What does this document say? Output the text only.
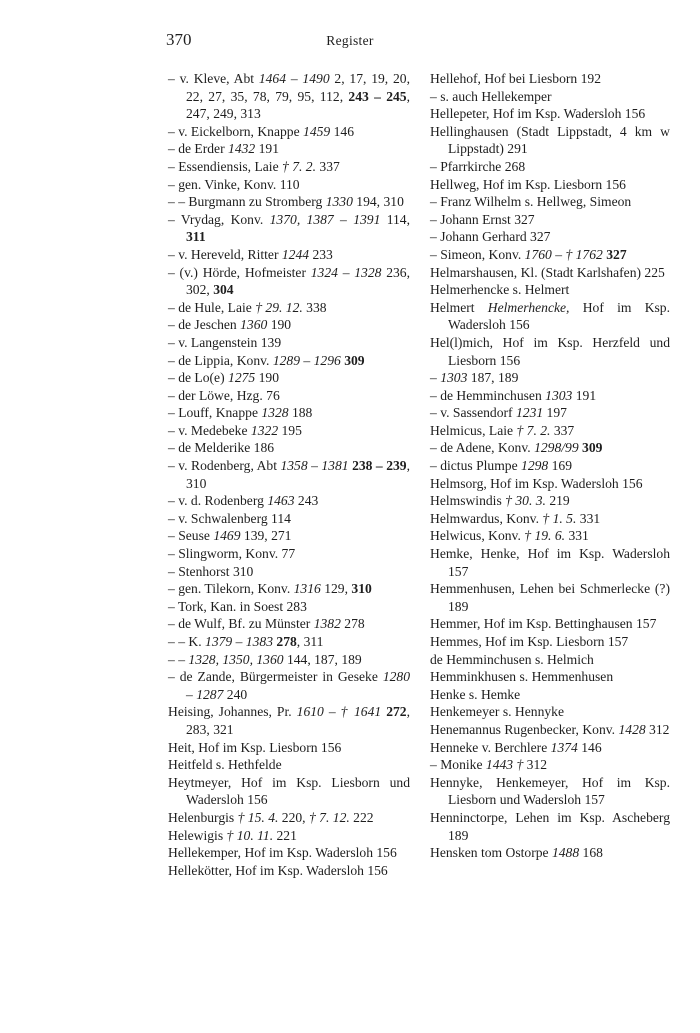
370	Register
– v. Kleve, Abt 1464 – 1490 2, 17, 19, 20, 22, 27, 35, 78, 79, 95, 112, 243 – 245, 247, 249, 313
– v. Eickelborn, Knappe 1459 146
– de Erder 1432 191
– Essendiensis, Laie † 7. 2. 337
– gen. Vinke, Konv. 110
– – Burgmann zu Stromberg 1330 194, 310
– Vrydag, Konv. 1370, 1387 – 1391 114, 311
– v. Hereveld, Ritter 1244 233
– (v.) Hörde, Hofmeister 1324 – 1328 236, 302, 304
– de Hule, Laie † 29. 12. 338
– de Jeschen 1360 190
– v. Langenstein 139
– de Lippia, Konv. 1289 – 1296 309
– de Lo(e) 1275 190
– der Löwe, Hzg. 76
– Louff, Knappe 1328 188
– v. Medebeke 1322 195
– de Melderike 186
– v. Rodenberg, Abt 1358 – 1381 238 – 239, 310
– v. d. Rodenberg 1463 243
– v. Schwalenberg 114
– Seuse 1469 139, 271
– Slingworm, Konv. 77
– Stenhorst 310
– gen. Tilekorn, Konv. 1316 129, 310
– Tork, Kan. in Soest 283
– de Wulf, Bf. zu Münster 1382 278
– – K. 1379 – 1383 278, 311
– – 1328, 1350, 1360 144, 187, 189
– de Zande, Bürgermeister in Geseke 1280 – 1287 240
Heising, Johannes, Pr. 1610 – † 1641 272, 283, 321
Heit, Hof im Ksp. Liesborn 156
Heitfeld s. Hethfelde
Heytmeyer, Hof im Ksp. Liesborn und Wadersloh 156
Helenburgis † 15. 4. 220, † 7. 12. 222
Helewigis † 10. 11. 221
Hellekemper, Hof im Ksp. Wadersloh 156
Hellekötter, Hof im Ksp. Wadersloh 156
Hellehof, Hof bei Liesborn 192
– s. auch Hellekemper
Hellepeter, Hof im Ksp. Wadersloh 156
Hellinghausen (Stadt Lippstadt, 4 km w Lippstadt) 291
– Pfarrkirche 268
Hellweg, Hof im Ksp. Liesborn 156
– Franz Wilhelm s. Hellweg, Simeon
– Johann Ernst 327
– Johann Gerhard 327
– Simeon, Konv. 1760 – † 1762 327
Helmarshausen, Kl. (Stadt Karlshafen) 225
Helmerhencke s. Helmert
Helmert Helmerhencke, Hof im Ksp. Wadersloh 156
Hel(l)mich, Hof im Ksp. Herzfeld und Liesborn 156
– 1303 187, 189
– de Hemminchusen 1303 191
– v. Sassendorf 1231 197
Helmicus, Laie † 7. 2. 337
– de Adene, Konv. 1298/99 309
– dictus Plumpe 1298 169
Helmsorg, Hof im Ksp. Wadersloh 156
Helmswindis † 30. 3. 219
Helmwardus, Konv. † 1. 5. 331
Helwicus, Konv. † 19. 6. 331
Hemke, Henke, Hof im Ksp. Wadersloh 157
Hemmenhusen, Lehen bei Schmerlecke (?) 189
Hemmer, Hof im Ksp. Bettinghausen 157
Hemmes, Hof im Ksp. Liesborn 157
de Hemminchusen s. Helmich
Hemminkhusen s. Hemmenhusen
Henke s. Hemke
Henkemeyer s. Hennyke
Henemannus Rugenbecker, Konv. 1428 312
Henneke v. Berchlere 1374 146
– Monike 1443 † 312
Hennyke, Henkemeyer, Hof im Ksp. Liesborn und Wadersloh 157
Henninctorpe, Lehen im Ksp. Ascheberg 189
Hensken tom Ostorpe 1488 168
